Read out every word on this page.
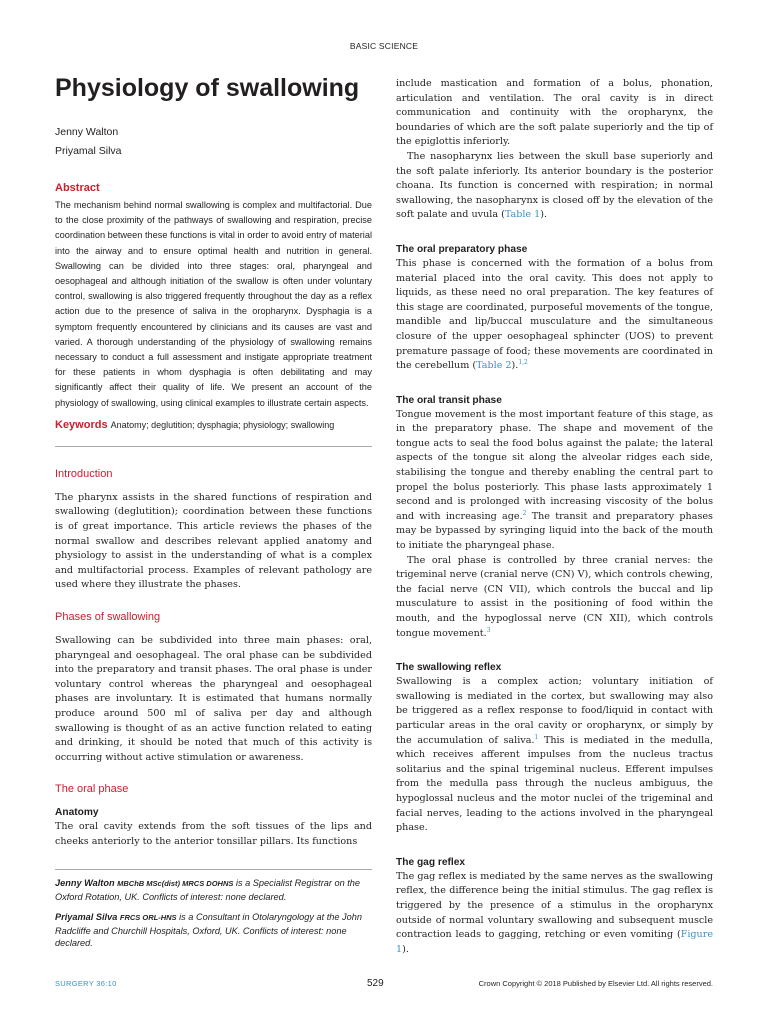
BASIC SCIENCE
Physiology of swallowing
Jenny Walton
Priyamal Silva
Abstract

The mechanism behind normal swallowing is complex and multifactorial. Due to the close proximity of the pathways of swallowing and respiration, precise coordination between these functions is vital in order to avoid entry of material into the airway and to ensure optimal health and nutrition in general. Swallowing can be divided into three stages: oral, pharyngeal and oesophageal and although initiation of the swallow is often under voluntary control, swallowing is also triggered frequently throughout the day as a reflex action due to the presence of saliva in the oropharynx. Dysphagia is a symptom frequently encountered by clinicians and its causes are vast and varied. A thorough understanding of the physiology of swallowing remains necessary to conduct a full assessment and instigate appropriate treatment for these patients in whom dysphagia is often debilitating and may significantly affect their quality of life. We present an account of the physiology of swallowing, using clinical examples to illustrate certain aspects.

Keywords Anatomy; deglutition; dysphagia; physiology; swallowing

Introduction

The pharynx assists in the shared functions of respiration and swallowing (deglutition); coordination between these functions is of great importance. This article reviews the phases of the normal swallow and describes relevant applied anatomy and physiology to assist in the understanding of what is a complex and multifactorial process. Examples of relevant pathology are used where they illustrate the phases.

Phases of swallowing

Swallowing can be subdivided into three main phases: oral, pharyngeal and oesophageal. The oral phase can be subdivided into the preparatory and transit phases. The oral phase is under voluntary control whereas the pharyngeal and oesophageal phases are involuntary. It is estimated that humans normally produce around 500 ml of saliva per day and although swallowing is thought of as an active function related to eating and drinking, it should be noted that much of this activity is occurring without active stimulation or awareness.

The oral phase
Anatomy

The oral cavity extends from the soft tissues of the lips and cheeks anteriorly to the anterior tonsillar pillars. Its functions

Jenny Walton MBChB MSc(dist) MRCS DOHNS is a Specialist Registrar on the Oxford Rotation, UK. Conflicts of interest: none declared.

Priyamal Silva FRCS ORL-HNS is a Consultant in Otolaryngology at the John Radcliffe and Churchill Hospitals, Oxford, UK. Conflicts of interest: none declared.

include mastication and formation of a bolus, phonation, articulation and ventilation. The oral cavity is in direct communication and continuity with the oropharynx, the boundaries of which are the soft palate superiorly and the tip of the epiglottis inferiorly.

The nasopharynx lies between the skull base superiorly and the soft palate inferiorly. Its anterior boundary is the posterior choana. Its function is concerned with respiration; in normal swallowing, the nasopharynx is closed off by the elevation of the soft palate and uvula (Table 1).

The oral preparatory phase

This phase is concerned with the formation of a bolus from material placed into the oral cavity. This does not apply to liquids, as these need no oral preparation. The key features of this stage are coordinated, purposeful movements of the tongue, mandible and lip/buccal musculature and the simultaneous closure of the upper oesophageal sphincter (UOS) to prevent premature passage of food; these movements are coordinated in the cerebellum (Table 2).$^{1,2}$

The oral transit phase

Tongue movement is the most important feature of this stage, as in the preparatory phase. The shape and movement of the tongue acts to seal the food bolus against the palate; the lateral aspects of the tongue sit along the alveolar ridges each side, stabilising the tongue and thereby enabling the central part to propel the bolus posteriorly. This phase lasts approximately 1 second and is prolonged with increasing viscosity of the bolus and with increasing age.$^2$ The transit and preparatory phases may be bypassed by syringing liquid into the back of the mouth to initiate the pharyngeal phase.

The oral phase is controlled by three cranial nerves: the trigeminal nerve (cranial nerve (CN) V), which controls chewing, the facial nerve (CN VII), which controls the buccal and lip musculature to assist in the positioning of food within the mouth, and the hypoglossal nerve (CN XII), which controls tongue movement.$^3$

The swallowing reflex

Swallowing is a complex action; voluntary initiation of swallowing is mediated in the cortex, but swallowing may also be triggered as a reflex response to food/liquid in contact with particular areas in the oral cavity or oropharynx, or simply by the accumulation of saliva.$^1$ This is mediated in the medulla, which receives afferent impulses from the nucleus tractus solitarius and the spinal trigeminal nucleus. Efferent impulses from the medulla pass through the nucleus ambiguus, the hypoglossal nucleus and the motor nuclei of the trigeminal and facial nerves, leading to the actions involved in the pharyngeal phase.

The gag reflex

The gag reflex is mediated by the same nerves as the swallowing reflex, the difference being the initial stimulus. The gag reflex is triggered by the presence of a stimulus in the oropharynx outside of normal voluntary swallowing and subsequent muscle contraction leads to gagging, retching or even vomiting (Figure 1).

SURGERY 36:10	529	Crown Copyright © 2018 Published by Elsevier Ltd. All rights reserved.
